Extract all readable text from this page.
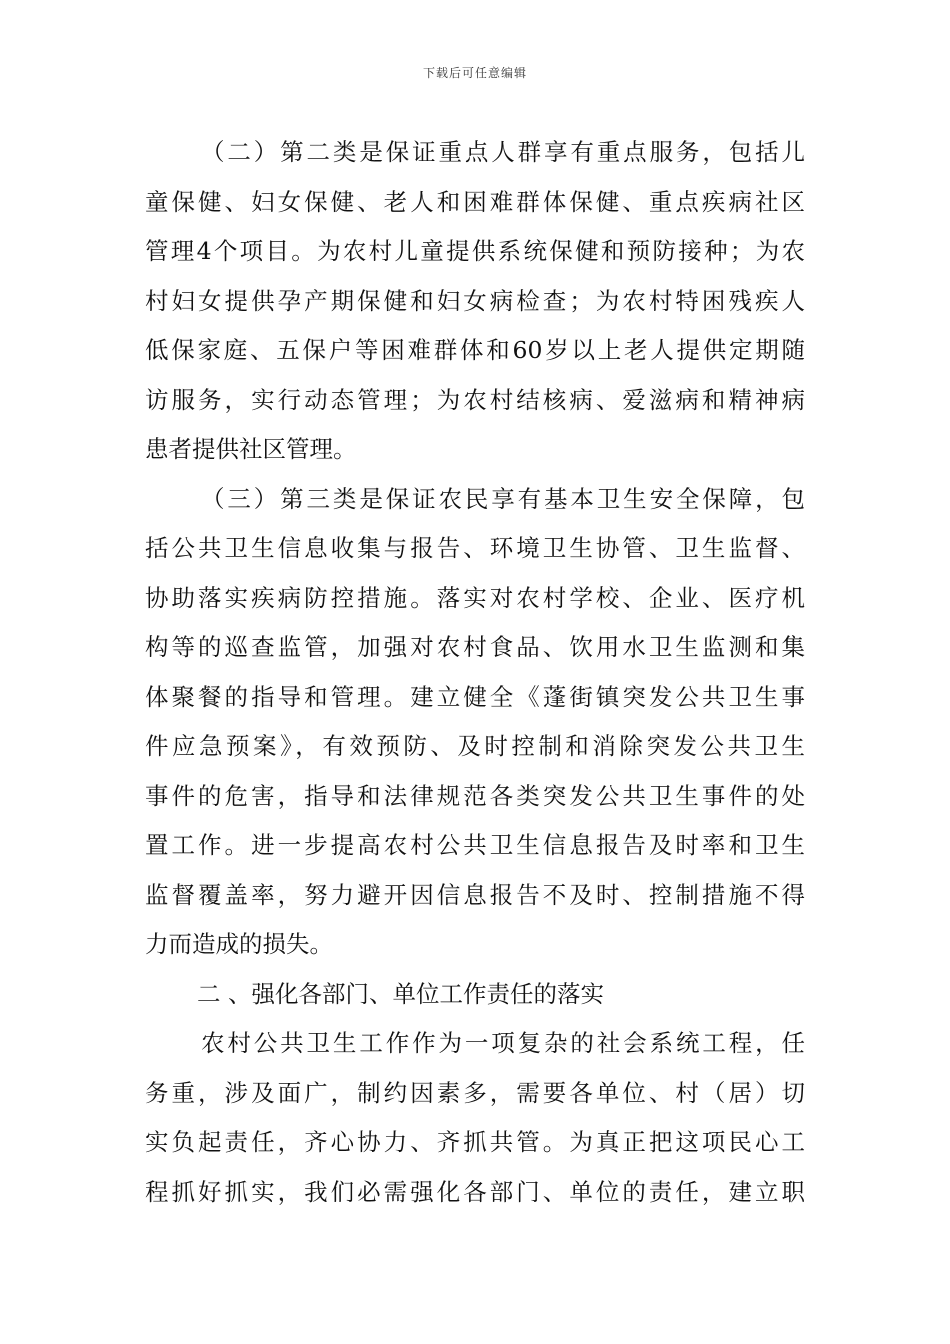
下载后可任意编辑
（二）第二类是保证重点人群享有重点服务，包括儿
童保健、妇女保健、老人和困难群体保健、重点疾病社区
管理4个项目。为农村儿童提供系统保健和预防接种；为农
村妇女提供孕产期保健和妇女病检查；为农村特困残疾人
低保家庭、五保户等困难群体和60岁以上老人提供定期随
访服务，实行动态管理；为农村结核病、爱滋病和精神病
患者提供社区管理。
（三）第三类是保证农民享有基本卫生安全保障，包
括公共卫生信息收集与报告、环境卫生协管、卫生监督、
协助落实疾病防控措施。落实对农村学校、企业、医疗机
构等的巡查监管，加强对农村食品、饮用水卫生监测和集
体聚餐的指导和管理。建立健全《蓬街镇突发公共卫生事
件应急预案》，有效预防、及时控制和消除突发公共卫生
事件的危害，指导和法律规范各类突发公共卫生事件的处
置工作。进一步提高农村公共卫生信息报告及时率和卫生
监督覆盖率，努力避开因信息报告不及时、控制措施不得
力而造成的损失。
二 、强化各部门、单位工作责任的落实
农村公共卫生工作作为一项复杂的社会系统工程，任
务重，涉及面广，制约因素多，需要各单位、村（居）切
实负起责任，齐心协力、齐抓共管。为真正把这项民心工
程抓好抓实，我们必需强化各部门、单位的责任，建立职
